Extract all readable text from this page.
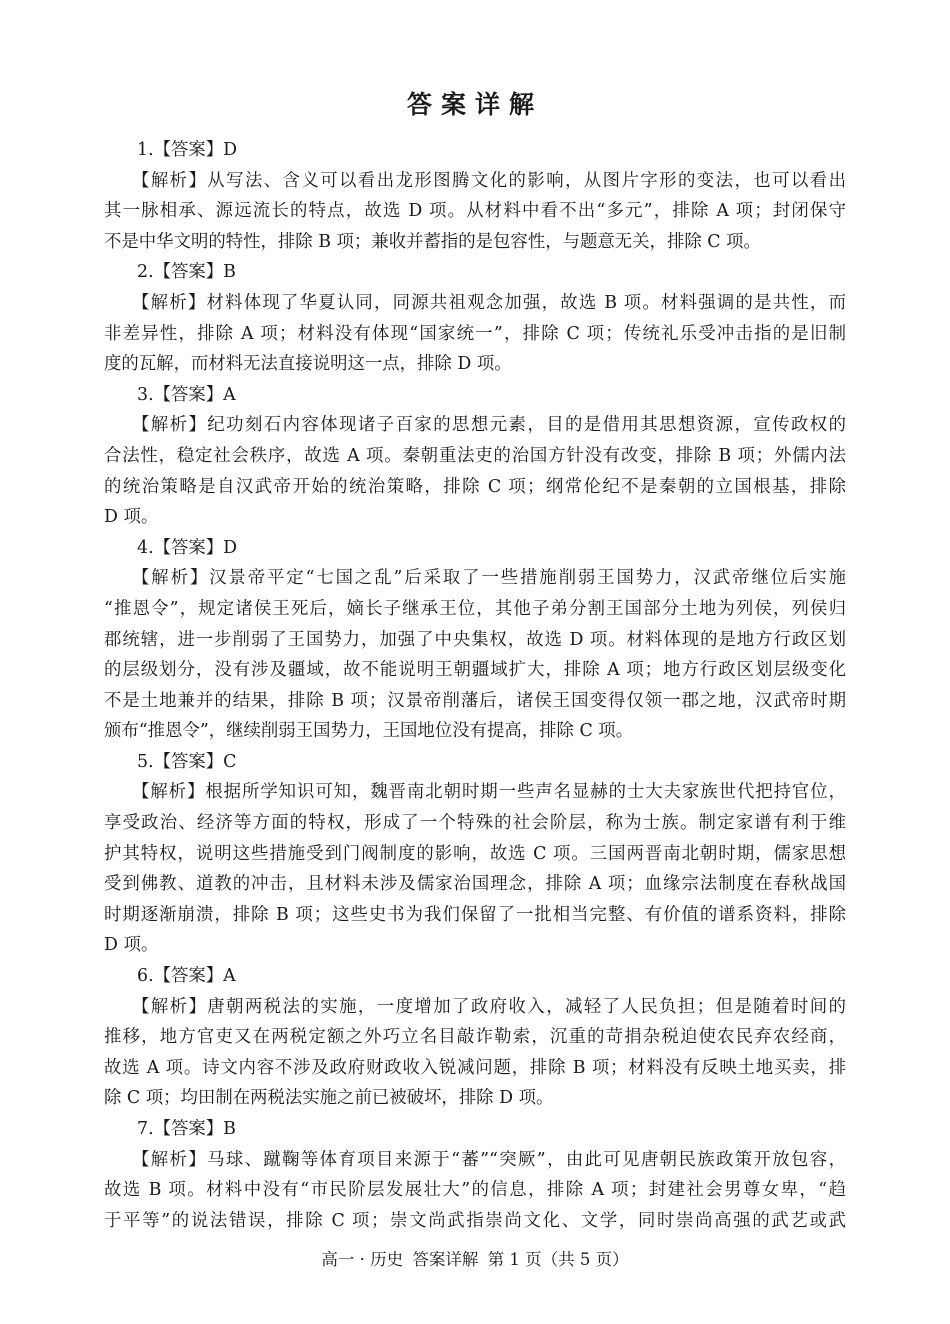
答案详解
1.【答案】D
【解析】从写法、含义可以看出龙形图腾文化的影响，从图片字形的变法，也可以看出
其一脉相承、源远流长的特点，故选 D 项。从材料中看不出“多元”，排除 A 项；封闭保守
不是中华文明的特性，排除 B 项；兼收并蓄指的是包容性，与题意无关，排除 C 项。
2.【答案】B
【解析】材料体现了华夏认同，同源共祖观念加强，故选 B 项。材料强调的是共性，而
非差异性，排除 A 项；材料没有体现“国家统一”，排除 C 项；传统礼乐受冲击指的是旧制
度的瓦解，而材料无法直接说明这一点，排除 D 项。
3.【答案】A
【解析】纪功刻石内容体现诸子百家的思想元素，目的是借用其思想资源，宣传政权的
合法性，稳定社会秩序，故选 A 项。秦朝重法吏的治国方针没有改变，排除 B 项；外儒内法
的统治策略是自汉武帝开始的统治策略，排除 C 项；纲常伦纪不是秦朝的立国根基，排除
D 项。
4.【答案】D
【解析】汉景帝平定“七国之乱”后采取了一些措施削弱王国势力，汉武帝继位后实施
“推恩令”，规定诸侯王死后，嫡长子继承王位，其他子弟分割王国部分土地为列侯，列侯归
郡统辖，进一步削弱了王国势力，加强了中央集权，故选 D 项。材料体现的是地方行政区划
的层级划分，没有涉及疆域，故不能说明王朝疆域扩大，排除 A 项；地方行政区划层级变化
不是土地兼并的结果，排除 B 项；汉景帝削藩后，诸侯王国变得仅领一郡之地，汉武帝时期
颁布“推恩令”，继续削弱王国势力，王国地位没有提高，排除 C 项。
5.【答案】C
【解析】根据所学知识可知，魏晋南北朝时期一些声名显赫的士大夫家族世代把持官位，
享受政治、经济等方面的特权，形成了一个特殊的社会阶层，称为士族。制定家谱有利于维
护其特权，说明这些措施受到门阀制度的影响，故选 C 项。三国两晋南北朝时期，儒家思想
受到佛教、道教的冲击，且材料未涉及儒家治国理念，排除 A 项；血缘宗法制度在春秋战国
时期逐渐崩溃，排除 B 项；这些史书为我们保留了一批相当完整、有价值的谱系资料，排除
D 项。
6.【答案】A
【解析】唐朝两税法的实施，一度增加了政府收入，减轻了人民负担；但是随着时间的
推移，地方官吏又在两税定额之外巧立名目敲诈勒索，沉重的苛捐杂税迫使农民弃农经商，
故选 A 项。诗文内容不涉及政府财政收入锐减问题，排除 B 项；材料没有反映土地买卖，排
除 C 项；均田制在两税法实施之前已被破坏，排除 D 项。
7.【答案】B
【解析】马球、蹴鞠等体育项目来源于“蕃”“突厥”，由此可见唐朝民族政策开放包容，
故选 B 项。材料中没有“市民阶层发展壮大”的信息，排除 A 项；封建社会男尊女卑，“趋
于平等”的说法错误，排除 C 项；崇文尚武指崇尚文化、文学，同时崇尚高强的武艺或武
高一 · 历史 答案详解 第 1 页（共 5 页）
